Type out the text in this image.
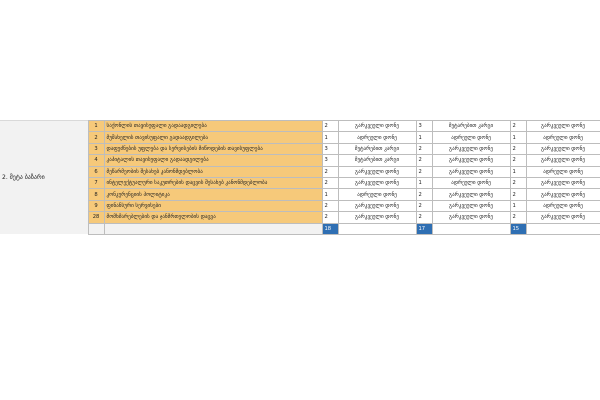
2. მეტა ბაზარი	1	საქონლის თავისუფალი გადაადგილება	2	გარკვეული დონე	3	მეტარებით კარგი	2	გარკვეული დონე
	2	მუშახელის თავისუფალი გადაადგილება	1	ადრეული დონე	1	ადრეული დონე	1	ადრეული დონე
	3	დაფუძნების უფლება და სერვისების მიწოდების თავისუფლება	3	მეტარებით კარგი	2	გარკვეული დონე	2	გარკვეული დონე
	4	კაპიტალის თავისუფალი გადაადგილება	3	მეტარებით კარგი	2	გარკვეული დონე	2	გარკვეული დონე
	6	მეწარმეობის შესახებ კანონმდებლობა	2	გარკვეული დონე	2	გარკვეული დონე	1	ადრეული დონე
	7	ინტელექტუალური საკუთრების დაცვის შესახებ კანონმდებლობა	2	გარკვეული დონე	1	ადრეული დონე	2	გარკვეული დონე
	8	კონკურენციის პოლიტიკა	1	ადრეული დონე	2	გარკვეული დონე	2	გარკვეული დონე
	9	ფინანსური სერვისები	2	გარკვეული დონე	2	გარკვეული დონე	1	ადრეული დონე
	28	მომხმარებლების და ჯანმრთელობის დაცვა	2	გარკვეული დონე	2	გარკვეული დონე	2	გარკვეული დონე
			18		17		15	
